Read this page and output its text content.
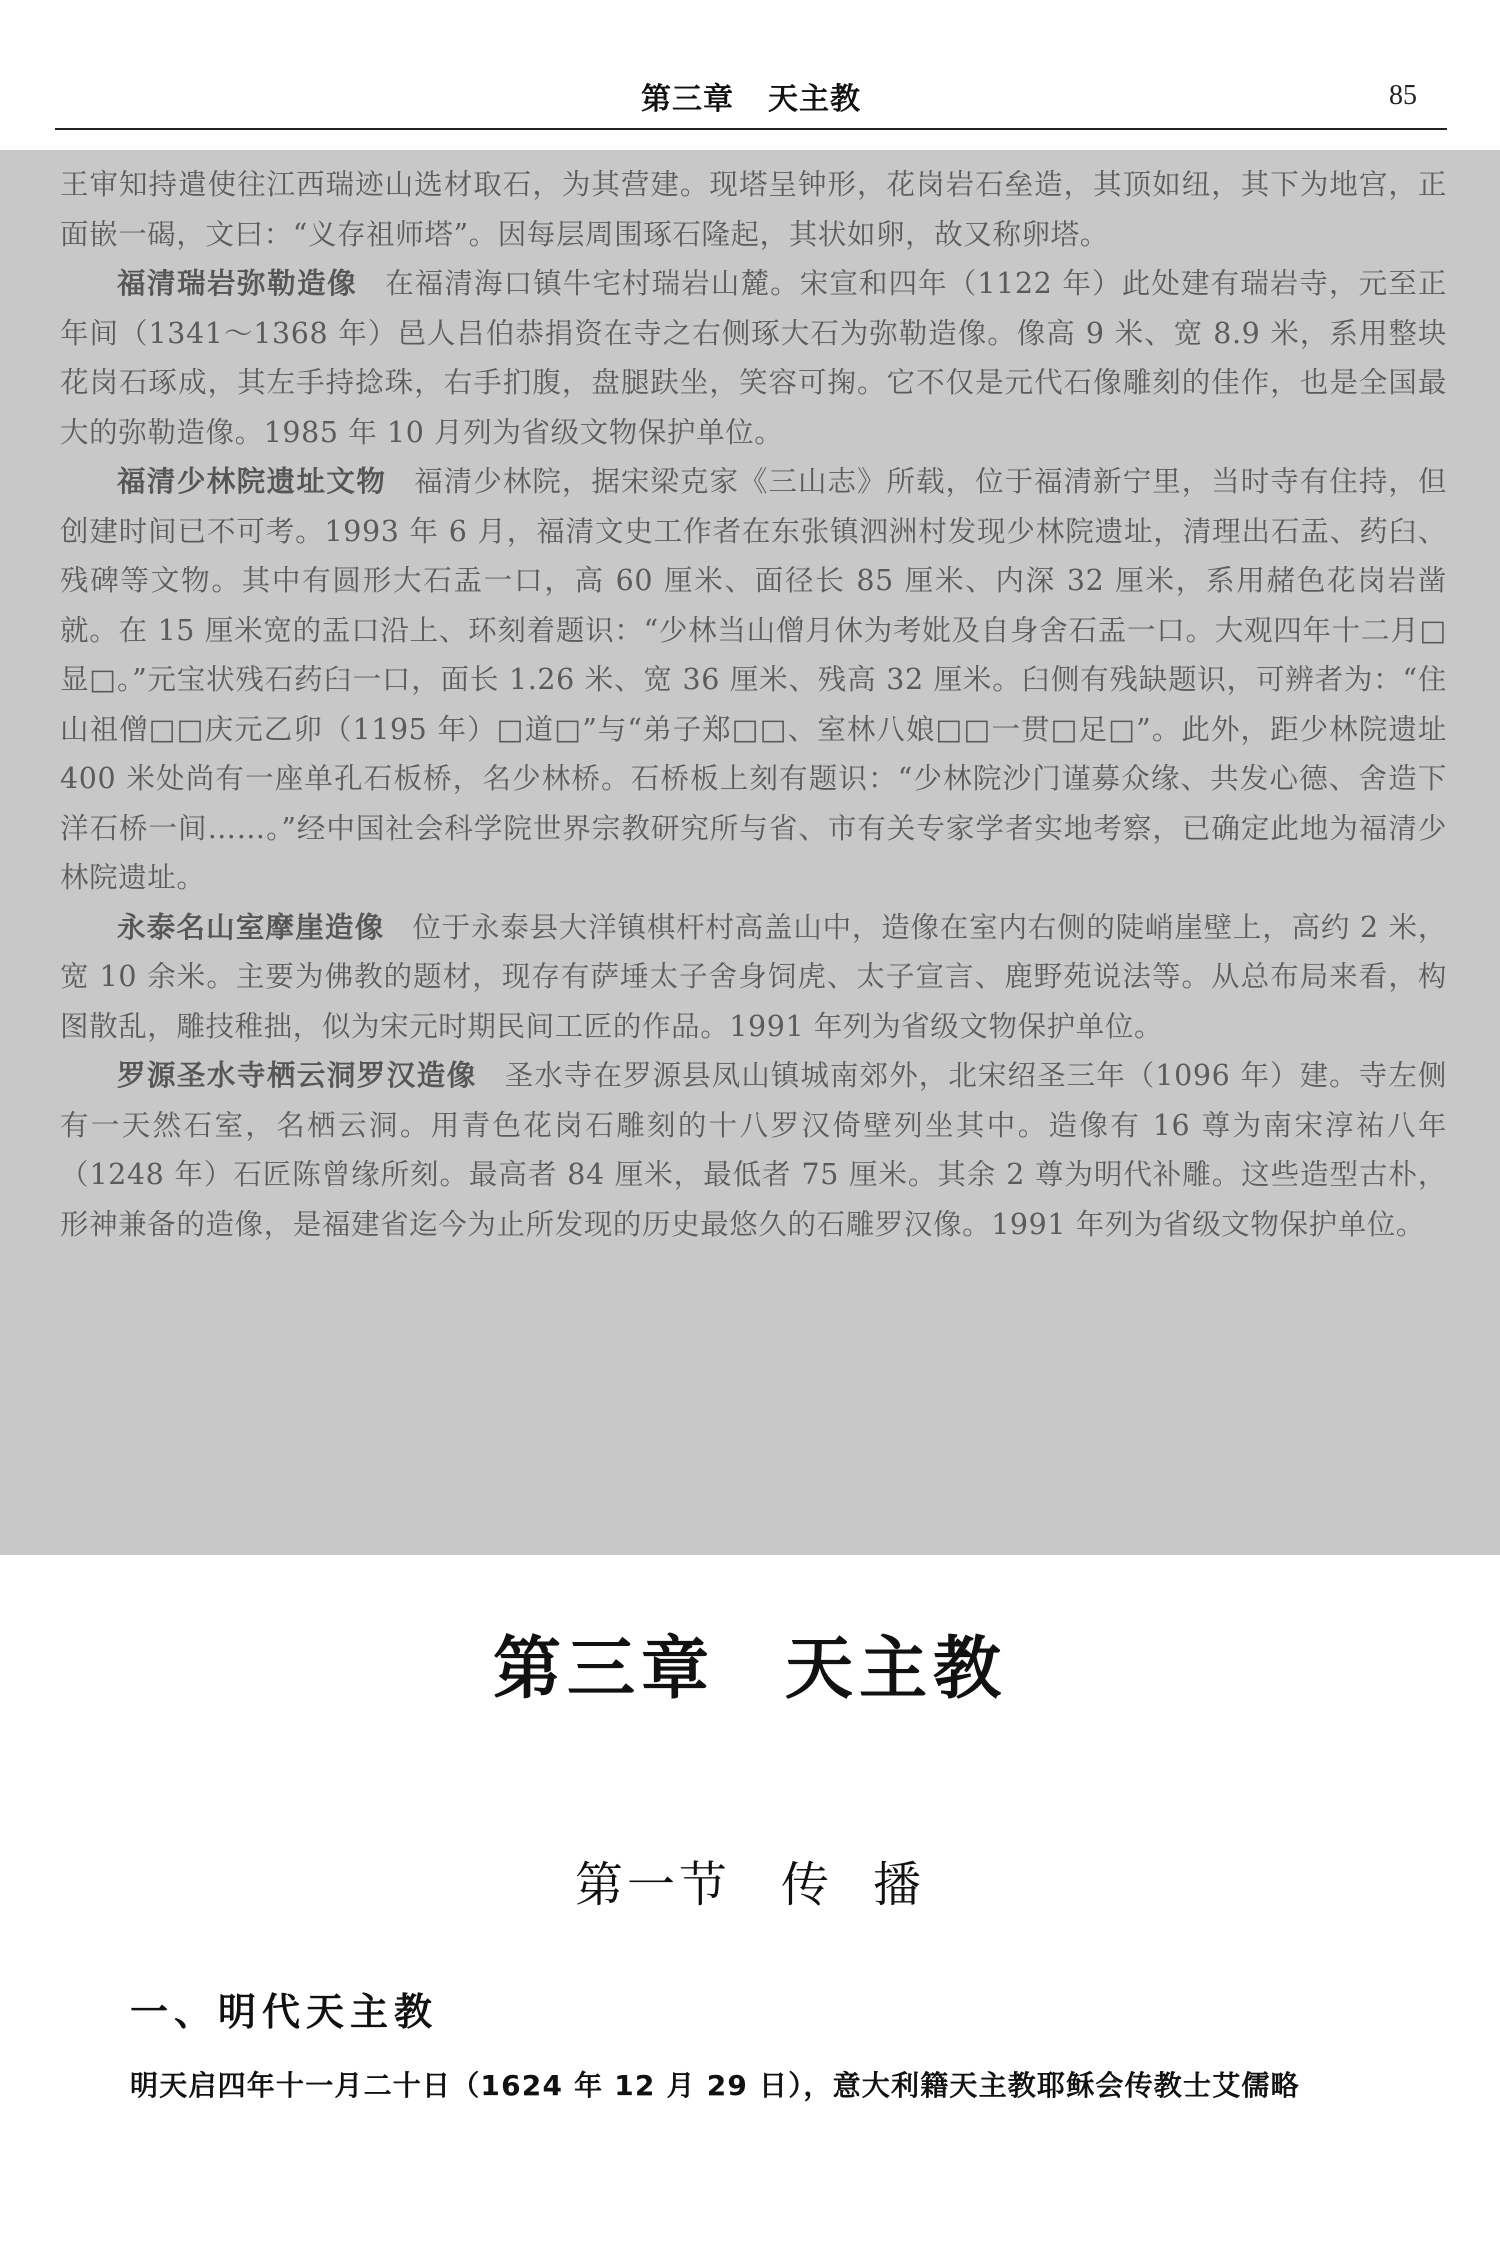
第三章 天主教	85

王审知持遣使往江西瑞迹山选材取石，为其营建。现塔呈钟形，花岗岩石垒造，其顶如纽，其下为地宫，正面嵌一碣，文曰：“义存祖师塔”。因每层周围琢石隆起，其状如卵，故又称卵塔。

福清瑞岩弥勒造像 在福清海口镇牛宅村瑞岩山麓。宋宣和四年（1122 年）此处建有瑞岩寺，元至正年间（1341～1368 年）邑人吕伯恭捐资在寺之右侧琢大石为弥勒造像。像高 9 米、宽 8.9 米，系用整块花岗石琢成，其左手持捻珠，右手扪腹，盘腿趺坐，笑容可掬。它不仅是元代石像雕刻的佳作，也是全国最大的弥勒造像。1985 年 10 月列为省级文物保护单位。

福清少林院遗址文物 福清少林院，据宋梁克家《三山志》所载，位于福清新宁里，当时寺有住持，但创建时间已不可考。1993 年 6 月，福清文史工作者在东张镇泗洲村发现少林院遗址，清理出石盂、药臼、残碑等文物。其中有圆形大石盂一口，高 60 厘米、面径长 85 厘米、内深 32 厘米，系用赭色花岗岩凿就。在 15 厘米宽的盂口沿上、环刻着题识：“少林当山僧月休为考妣及自身舍石盂一口。大观四年十二月□显□。”元宝状残石药臼一口，面长 1.26 米、宽 36 厘米、残高 32 厘米。臼侧有残缺题识，可辨者为：“住山祖僧□□庆元乙卯（1195 年）□道□”与“弟子郑□□、室林八娘□□一贯□足□”。此外，距少林院遗址 400 米处尚有一座单孔石板桥，名少林桥。石桥板上刻有题识：“少林院沙门谨募众缘、共发心德、舍造下洋石桥一间……。”经中国社会科学院世界宗教研究所与省、市有关专家学者实地考察，已确定此地为福清少林院遗址。

永泰名山室摩崖造像 位于永泰县大洋镇棋杆村高盖山中，造像在室内右侧的陡峭崖壁上，高约 2 米，宽 10 余米。主要为佛教的题材，现存有萨埵太子舍身饲虎、太子宣言、鹿野苑说法等。从总布局来看，构图散乱，雕技稚拙，似为宋元时期民间工匠的作品。1991 年列为省级文物保护单位。

罗源圣水寺栖云洞罗汉造像 圣水寺在罗源县凤山镇城南郊外，北宋绍圣三年（1096 年）建。寺左侧有一天然石室，名栖云洞。用青色花岗石雕刻的十八罗汉倚壁列坐其中。造像有 16 尊为南宋淳祐八年（1248 年）石匠陈曾缘所刻。最高者 84 厘米，最低者 75 厘米。其余 2 尊为明代补雕。这些造型古朴，形神兼备的造像，是福建省迄今为止所发现的历史最悠久的石雕罗汉像。1991 年列为省级文物保护单位。

第三章 天主教
第一节 传 播
一、明代天主教
明天启四年十一月二十日（1624 年 12 月 29 日），意大利籍天主教耶稣会传教士艾儒略
